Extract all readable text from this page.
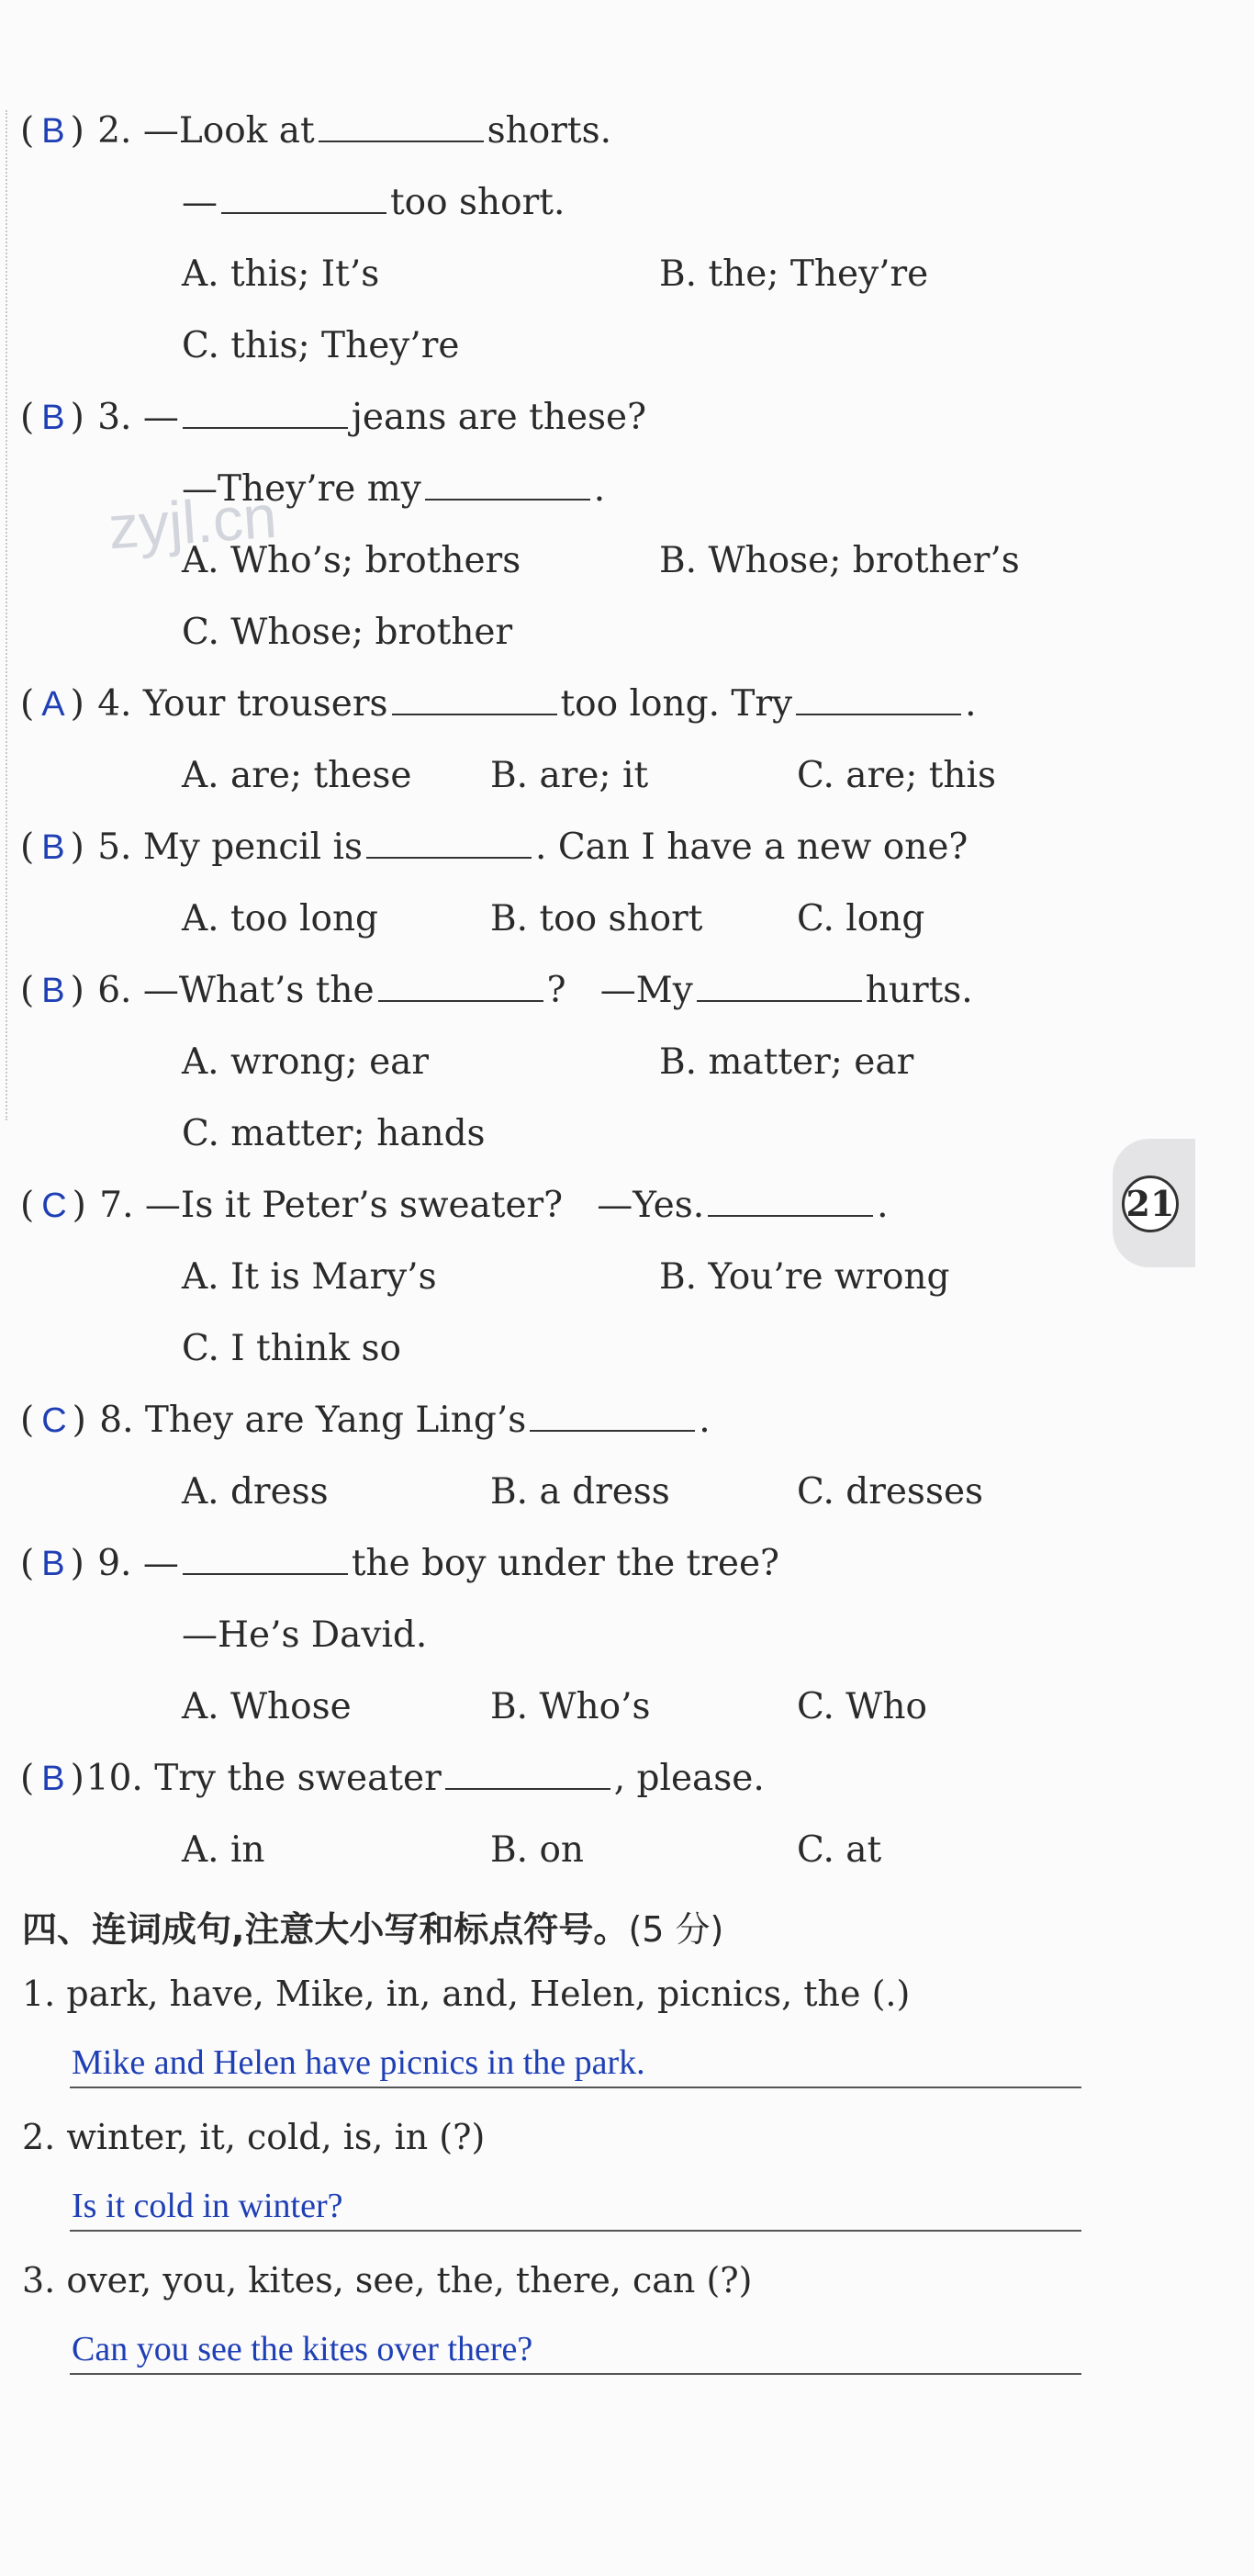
zyjl.cn
( B ) 2. —Look at	shorts.
—	too short.
A. this; It’s	B. the; They’re
C. this; They’re
( B ) 3. —	jeans are these?
—They’re my	.
A. Who’s; brothers	B. Whose; brother’s
C. Whose; brother
( A ) 4. Your trousers	too long. Try	.
A. are; these B. are; it	C. are; this
( B ) 5. My pencil is	. Can I have a new one?
A. too long	B. too short	C. long
( B ) 6. —What’s the	? —My	hurts.
A. wrong; ear	B. matter; ear
C. matter; hands
( C ) 7. —Is it Peter’s sweater? —Yes.	.
A. It is Mary’s	B. You’re wrong
C. I think so
( C ) 8. They are Yang Ling’s	.
A. dress	B. a dress	C. dresses
( B ) 9. —	the boy under the tree?
—He’s David.
A. Whose	B. Who’s	C. Who
( B )10. Try the sweater	, please.
A. in	B. on	C. at
四、连词成句,注意大小写和标点符号。(5 分)
1. park, have, Mike, in, and, Helen, picnics, the (.)
Mike and Helen have picnics in the park.
2. winter, it, cold, is, in (?)
Is it cold in winter?
3. over, you, kites, see, the, there, can (?)
Can you see the kites over there?
21
